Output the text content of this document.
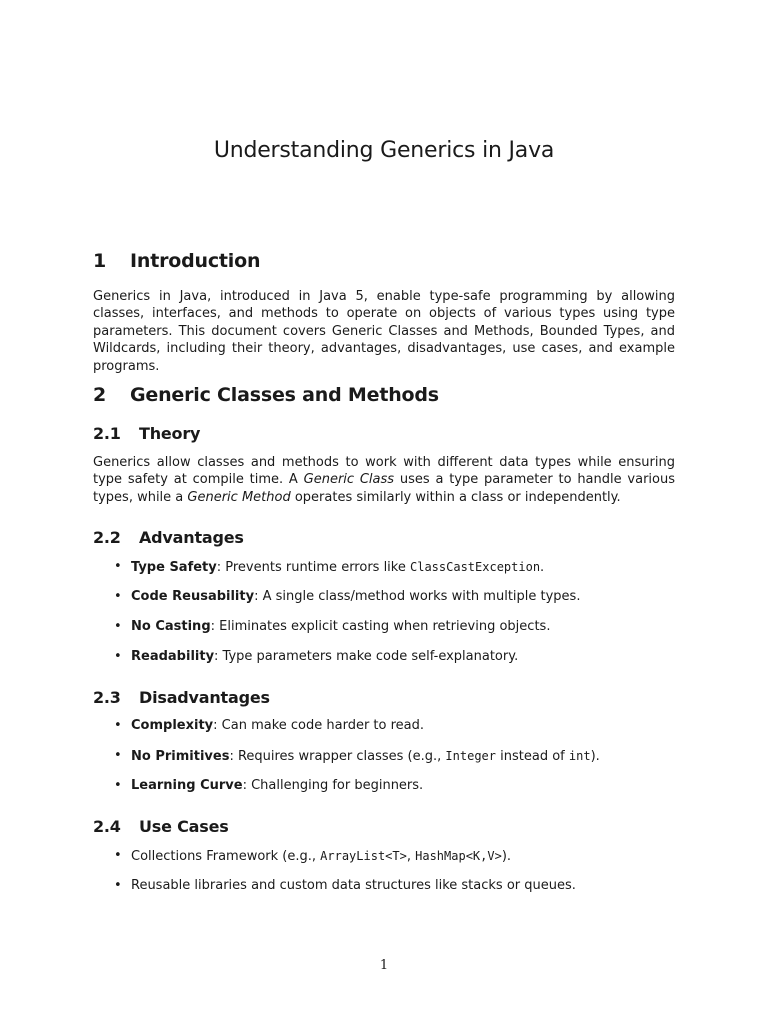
Understanding Generics in Java
1 Introduction

Generics in Java, introduced in Java 5, enable type-safe programming by allowing classes, interfaces, and methods to operate on objects of various types using type parameters. This document covers Generic Classes and Methods, Bounded Types, and Wildcards, including their theory, advantages, disadvantages, use cases, and example programs.

2 Generic Classes and Methods
2.1 Theory

Generics allow classes and methods to work with different data types while ensuring type safety at compile time. A Generic Class uses a type parameter to handle various types, while a Generic Method operates similarly within a class or independently.

2.2 Advantages
• Type Safety: Prevents runtime errors like ClassCastException.
• Code Reusability: A single class/method works with multiple types.
• No Casting: Eliminates explicit casting when retrieving objects.
• Readability: Type parameters make code self-explanatory.
2.3 Disadvantages
• Complexity: Can make code harder to read.
• No Primitives: Requires wrapper classes (e.g., Integer instead of int).
• Learning Curve: Challenging for beginners.
2.4 Use Cases
• Collections Framework (e.g., ArrayList<T>, HashMap<K,V>).
• Reusable libraries and custom data structures like stacks or queues.
1
